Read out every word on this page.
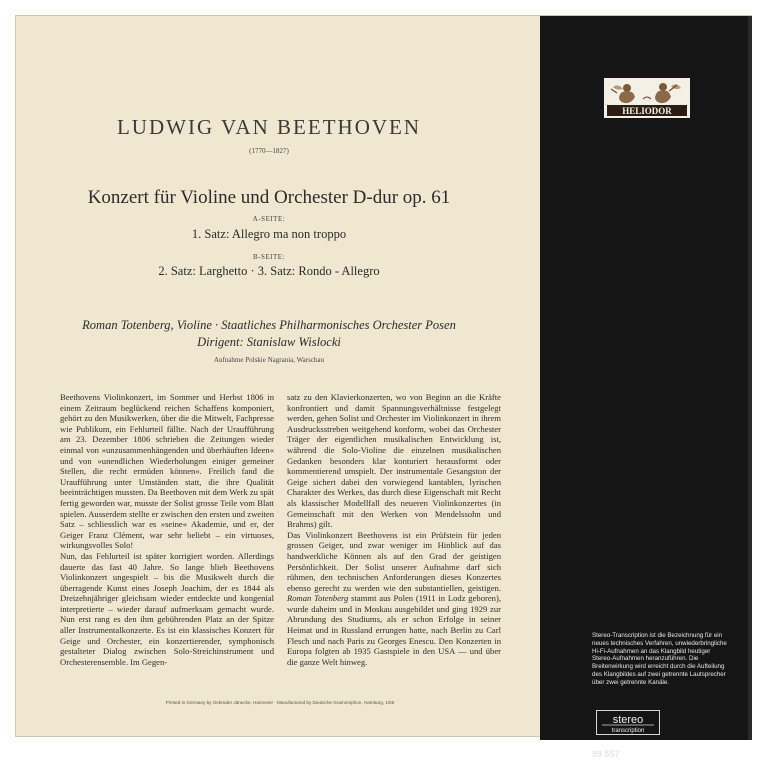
LUDWIG VAN BEETHOVEN
(1770—1827)
Konzert für Violine und Orchester D-dur op. 61
A-SEITE:
1. Satz: Allegro ma non troppo
B-SEITE:
2. Satz: Larghetto · 3. Satz: Rondo - Allegro
Roman Totenberg, Violine · Staatliches Philharmonisches Orchester Posen
Dirigent: Stanislaw Wislocki
Aufnahme Polskie Nagrania, Warschau

Beethovens Violinkonzert, im Sommer und Herbst 1806 in einem Zeitraum beglückend reichen Schaffens komponiert, gehört zu den Musikwerken, über die die Mitwelt, Fachpresse wie Publikum, ein Fehlurteil fällte. Nach der Uraufführung am 23. Dezember 1806 schrieben die Zeitungen wieder einmal von »unzusammenhängenden und überhäuften Ideen« und von »unendlichen Wiederholungen einiger gemeiner Stellen, die recht ermüden können«. Freilich fand die Uraufführung unter Umständen statt, die ihre Qualität beeinträchtigen mussten. Da Beethoven mit dem Werk zu spät fertig geworden war, musste der Solist grosse Teile vom Blatt spielen. Ausserdem stellte er zwischen den ersten und zweiten Satz – schliesslich war es »seine« Akademie, und er, der Geiger Franz Clément, war sehr beliebt – ein virtuoses, wirkungsvolles Solo!

Nun, das Fehlurteil ist später korrigiert worden. Allerdings dauerte das fast 40 Jahre. So lange blieb Beethovens Violinkonzert ungespielt – bis die Musikwelt durch die überragende Kunst eines Joseph Joachim, der es 1844 als Dreizehnjähriger gleichsam wieder entdeckte und kongenial interpretierte – wieder darauf aufmerksam gemacht wurde. Nun erst rang es den ihm gebührenden Platz an der Spitze aller Instrumentalkonzerte. Es ist ein klassisches Konzert für Geige und Orchester, ein konzertierender, symphonisch gestalteter Dialog zwischen Solo-Streichinstrument und Orchesterensemble. Im Gegen-

satz zu den Klavierkonzerten, wo von Beginn an die Kräfte konfrontiert und damit Spannungsverhältnisse festgelegt werden, gehen Solist und Orchester im Violinkonzert in ihrem Ausdrucksstreben weitgehend konform, wobei das Orchester Träger der eigentlichen musikalischen Entwicklung ist, während die Solo-Violine die einzelnen musikalischen Gedanken besonders klar konturiert herausformt oder kommentierend umspielt. Der instrumentale Gesangston der Geige sichert dabei den vorwiegend kantablen, lyrischen Charakter des Werkes, das durch diese Eigenschaft mit Recht als klassischer Modellfall des neueren Violinkonzertes (in Gemeinschaft mit den Werken von Mendelssohn und Brahms) gilt.

Das Violinkonzert Beethovens ist ein Prüfstein für jeden grossen Geiger, und zwar weniger im Hinblick auf das handwerkliche Können als auf den Grad der geistigen Persönlichkeit. Der Solist unserer Aufnahme darf sich rühmen, den technischen Anforderungen dieses Konzertes ebenso gerecht zu werden wie den substantiellen, geistigen. Roman Totenberg stammt aus Polen (1911 in Lodz geboren), wurde daheim und in Moskau ausgebildet und ging 1929 zur Abrundung des Studiums, als er schon Erfolge in seiner Heimat und in Russland errungen hatte, nach Berlin zu Carl Flesch und nach Paris zu Georges Enescu. Den Konzerten in Europa folgten ab 1935 Gastspiele in den USA — und über die ganze Welt hinweg.

Printed in Germany by Gebrüder Jänecke, Hannover · Manufactured by Deutsche Grammophon, Hamburg, 1/66
HELIODOR

Stereo-Transcription ist die Bezeichnung für ein neues technisches Verfahren, unwiederbringliche Hi-Fi-Aufnahmen an das Klangbild heutiger Stereo-Aufnahmen heranzuführen. Die Breitenwirkung wird erreicht durch die Aufteilung des Klangbildes auf zwei getrennte Lautsprecher über zwei getrennte Kanäle.

stereo
transcription
89 557
